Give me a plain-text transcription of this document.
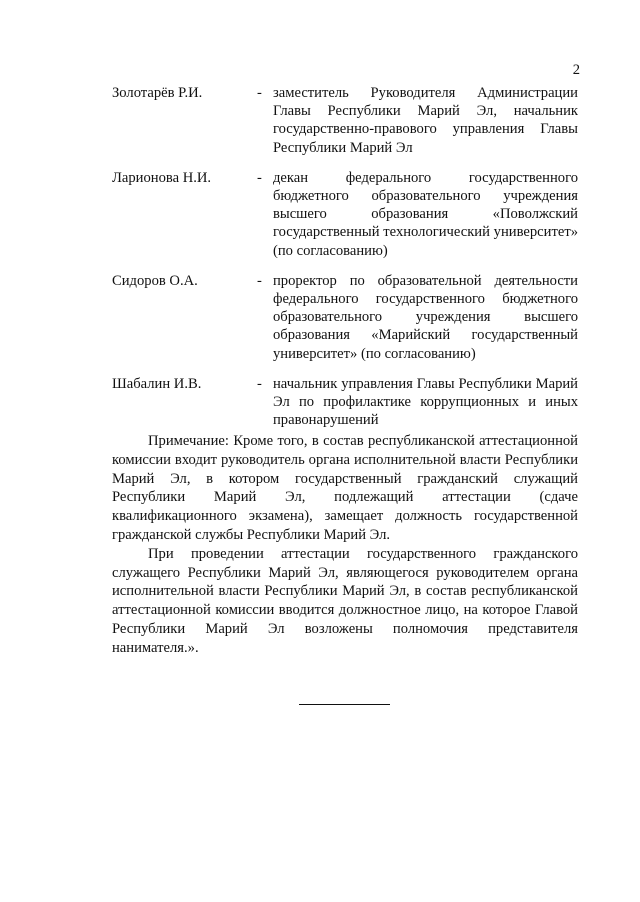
2
Золотарёв Р.И.	- заместитель Руководителя Администрации Главы Республики Марий Эл, начальник государственно-правового управления Главы Республики Марий Эл
Ларионова Н.И.	- декан федерального государственного бюджетного образовательного учреждения высшего образования «Поволжский государственный технологический университет» (по согласованию)
Сидоров О.А.	- проректор по образовательной деятельности федерального государственного бюджетного образовательного учреждения высшего образования «Марийский государственный университет» (по согласованию)
Шабалин И.В.	- начальник управления Главы Республики Марий Эл по профилактике коррупционных и иных правонарушений

Примечание: Кроме того, в состав республиканской аттестационной комиссии входит руководитель органа исполнительной власти Республики Марий Эл, в котором государственный гражданский служащий Республики Марий Эл, подлежащий аттестации (сдаче квалификационного экзамена), замещает должность государственной гражданской службы Республики Марий Эл.

При проведении аттестации государственного гражданского служащего Республики Марий Эл, являющегося руководителем органа исполнительной власти Республики Марий Эл, в состав республиканской аттестационной комиссии вводится должностное лицо, на которое Главой Республики Марий Эл возложены полномочия представителя нанимателя.».
